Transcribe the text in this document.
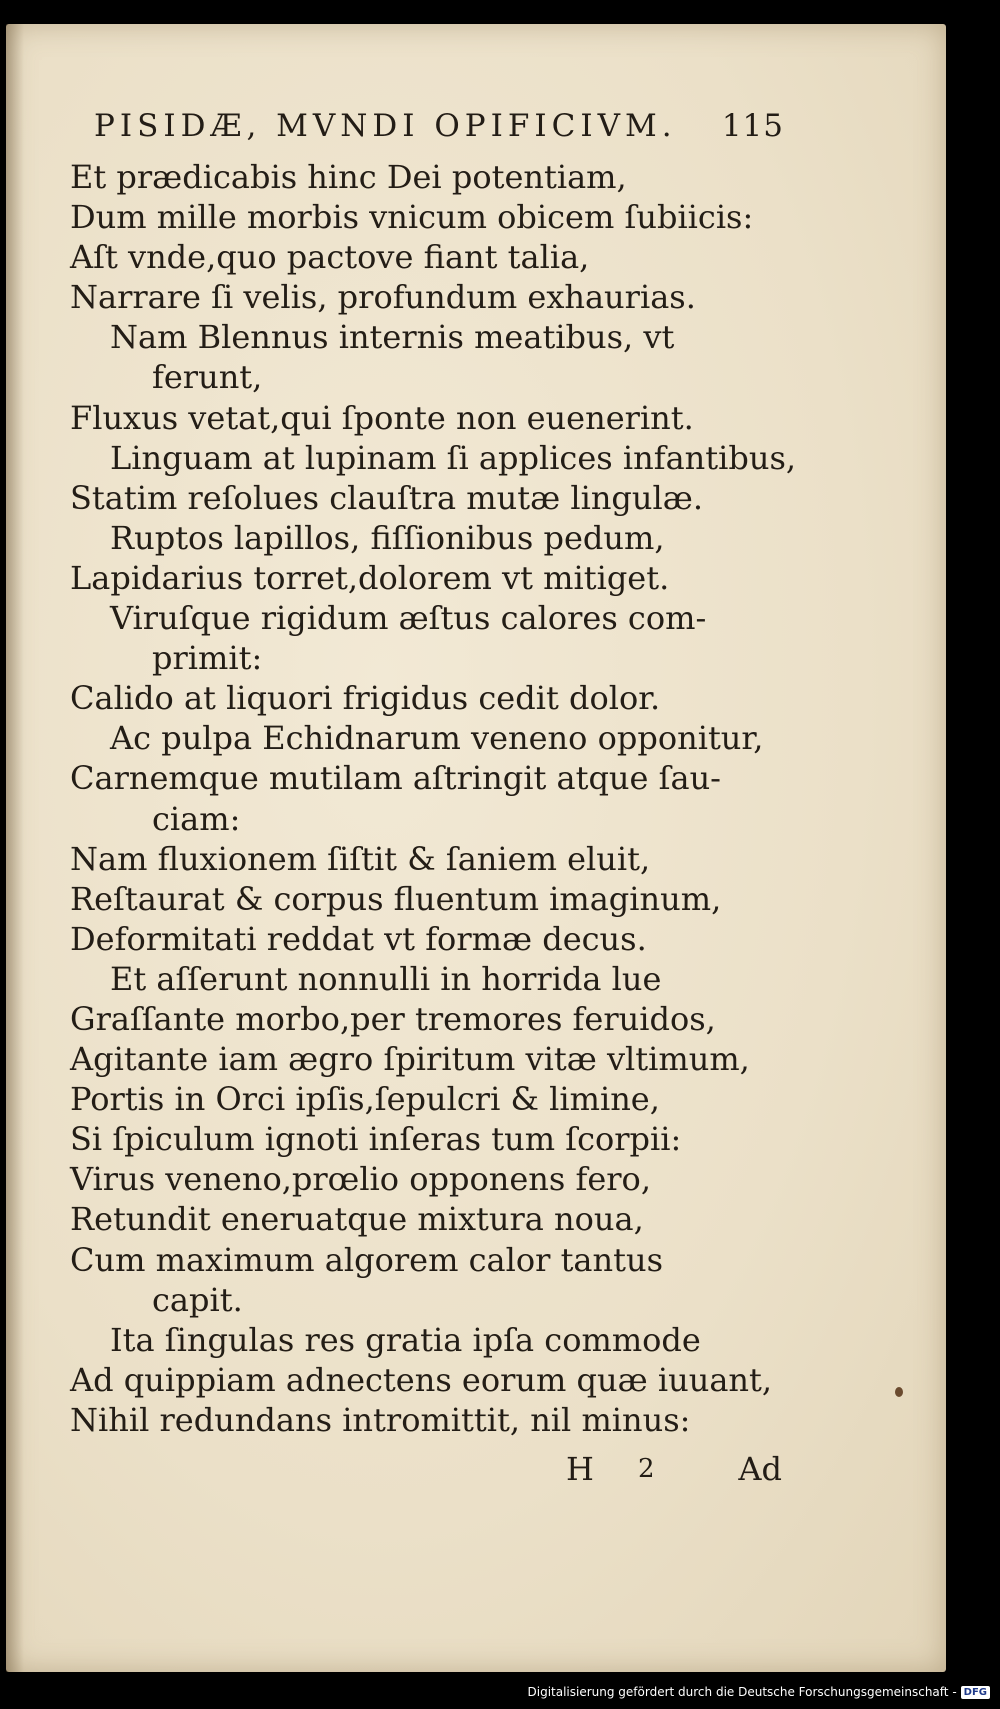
PISIDÆ, MVNDI OPIFICIVM. 115
Et prædicabis hinc Dei potentiam,
Dum mille morbis vnicum obicem ſubiicis:
Aſt vnde,quo pactove fiant talia,
Narrare ſi velis, profundum exhaurias.
Nam Blennus internis meatibus, vt
ferunt,
Fluxus vetat,qui ſponte non euenerint.
Linguam at lupinam ſi applices infantibus,
Statim reſolues clauſtra mutæ lingulæ.
Ruptos lapillos, fiſſionibus pedum,
Lapidarius torret,dolorem vt mitiget.
Viruſque rigidum æſtus calores com-
primit:
Calido at liquori frigidus cedit dolor.
Ac pulpa Echidnarum veneno opponitur,
Carnemque mutilam aſtringit atque ſau-
ciam:
Nam fluxionem ſiſtit & ſaniem eluit,
Reſtaurat & corpus fluentum imaginum,
Deformitati reddat vt formæ decus.
Et aſſerunt nonnulli in horrida lue
Graſſante morbo,per tremores feruidos,
Agitante iam ægro ſpiritum vitæ vltimum,
Portis in Orci ipſis,ſepulcri & limine,
Si ſpiculum ignoti inſeras tum ſcorpii:
Virus veneno,prœlio opponens fero,
Retundit eneruatque mixtura noua,
Cum maximum algorem calor tantus
capit.
Ita ſingulas res gratia ipſa commode
Ad quippiam adnectens eorum quæ iuuant,
Nihil redundans intromittit, nil minus:
H 2	Ad
Digitalisierung gefördert durch die Deutsche Forschungsgemeinschaft - DFG
